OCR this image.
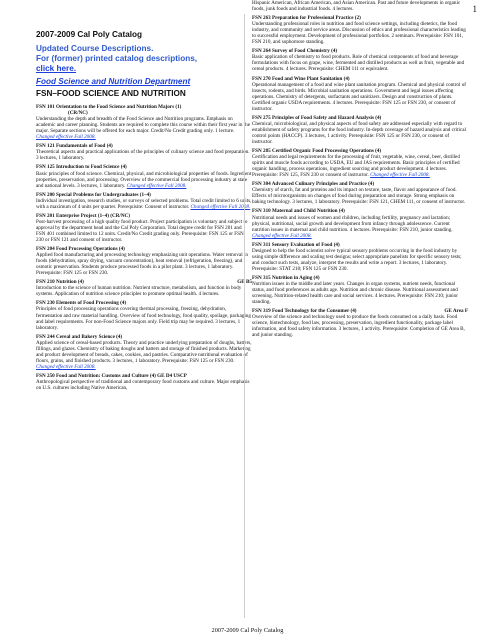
1
2007-2009 Cal Poly Catalog
Updated Course Descriptions.
For (former) printed catalog descriptions,
click here.
Food Science and Nutrition Department
FSN–FOOD SCIENCE AND NUTRITION
FSN 101 Orientation to the Food Science and Nutrition Majors (1)
(CR/NC)
Understanding the depth and breadth of the Food Science and Nutrition programs. Emphasis on academic and career planning. Students are required to complete this course within their first year in the major. Separate sections will be offered for each major. Credit/No Credit grading only. 1 lecture. Changed effective Fall 2008.
FSN 121 Fundamentals of Food (4)
Theoretical aspects and practical applications of the principles of culinary science and food preparation. 3 lectures, 1 laboratory.
FSN 125 Introduction to Food Science (4)
Basic principles of food science. Chemical, physical, and microbiological properties of foods. Ingredient properties, preservation, and processing. Overview of the commercial food processing industry at state and national levels. 3 lectures, 1 laboratory. Changed effective Fall 2008.
FSN 200 Special Problems for Undergraduates (1–4)
Individual investigation, research studies, or surveys of selected problems. Total credit limited to 6 units, with a maximum of 4 units per quarter. Prerequisite: Consent of instructor. Changed effective Fall 2008.
FSN 201 Enterprise Project (1–4) (CR/NC)
Post-harvest processing of a high quality food product. Project participation is voluntary and subject to approval by the department head and the Cal Poly Corporation. Total degree credit for FSN 201 and FSN 401 combined limited to 12 units. Credit/No Credit grading only. Prerequisite: FSN 125 or FSN 230 or FSN 121 and consent of instructor.
FSN 204 Food Processing Operations (4)
Applied food manufacturing and processing technology emphasizing unit operations. Water removal in foods (dehydration, spray drying, vacuum concentration), heat removal (refrigeration, freezing), and osmotic preservation. Students produce processed foods in a pilot plant. 3 lectures, 1 laboratory. Prerequisite: FSN 125 or FSN 230.
GE B5
FSN 210 Nutrition (4)
Introduction to the science of human nutrition. Nutrient structure, metabolism, and function in body systems. Application of nutrition science principles to promote optimal health. 4 lectures.
FSN 230 Elements of Food Processing (4)
Principles of food processing operations covering thermal processing, freezing, dehydration, fermentation and raw material handling. Overview of food technology, food quality, spoilage, packaging and label requirements. For non-Food Science majors only. Field trip may be required. 3 lectures, 1 laboratory.
FSN 244 Cereal and Bakery Science (4)
Applied science of cereal-based products. Theory and practice underlying preparation of doughs, batters, fillings, and glazes. Chemistry of baking doughs and batters and storage of finished products. Marketing and product development of breads, cakes, cookies, and pastries. Comparative nutritional evaluation of flours, grains, and finished products. 3 lectures, 1 laboratory. Prerequisite: FSN 125 or FSN 230. Changed effective Fall 2008.
FSN 250 Food and Nutrition: Customs and Culture (4) GE D4 USCP
Anthropological perspective of traditional and contemporary food customs and culture. Major emphasis on U.S. cultures including Native American,
Hispanic American, African American, and Asian American. Past and future developments in organic foods, junk foods and industrial foods. 4 lectures.
FSN 263 Preparation for Professional Practice (2)
Understanding professional roles in nutrition and food science settings, including dietetics, the food industry, and community and service areas. Discussion of ethics and professional characteristics leading to successful employment. Development of professional portfolios. 2 seminars. Prerequisite: FSN 101, FSN 210, and sophomore standing.
FSN 264 Survey of Food Chemistry (4)
Basic application of chemistry to food products. Role of chemical components of food and beverage formulations with focus on grape, wine, fermented and distilled products as well as fruit, vegetable and cereal products. 4 lectures. Prerequisite: CHEM 111 or equivalent.
FSN 270 Food and Wine Plant Sanitation (4)
Operational management of a food and wine plant sanitation program. Chemical and physical control of insects, rodents, and birds. Microbial sanitation operations. Government and legal issues affecting operations. Chemistry of detergents, surfactants and sanitizers. Design and construction of plants. Certified organic USDA requirements. 4 lectures. Prerequisite: FSN 125 or FSN 230, or consent of instructor.
FSN 275 Principles of Food Safety and Hazard Analysis (4)
Chemical, microbiological, and physical aspects of food safety are addressed especially with regard to establishment of safety programs for the food industry. In-depth coverage of hazard analysis and critical control points (HACCP). 3 lectures, 1 activity. Prerequisite: FSN 125 or FSN 230, or consent of instructor.
FSN 285 Certified Organic Food Processing Operations (4)
Certification and legal requirements for the processing of fruit, vegetable, wine, cereal, beer, distilled spirits and muscle foods according to USDA, EU and JAS requirements. Basic principles of certified organic handling, process operations, ingredient sourcing and product development. 4 lectures. Prerequisite: FSN 125, FSN 230 or consent of instructor. Changed effective Fall 2008.
FSN 304 Advanced Culinary Principles and Practice (4)
Chemistry of starch, fat and proteins and its impact on texture, taste, flavor and appearance of food. Effects of microorganisms on changes of food during preparation and storage. Strong emphasis on baking technology. 3 lectures, 1 laboratory. Prerequisite: FSN 121, CHEM 111, or consent of instructor.
FSN 310 Maternal and Child Nutrition (4)
Nutritional needs and issues of women and children, including fertility, pregnancy and lactation; physical, nutritional, social growth and development from infancy through adolescence. Current nutrition issues in maternal and child nutrition. 4 lectures. Prerequisite: FSN 210, junior standing. Changed effective Fall 2008.
FSN 311 Sensory Evaluation of Food (4)
Designed to help the food scientist solve typical sensory problems occurring in the food industry by using simple difference and scaling test designs; select appropriate panelists for specific sensory tests; and conduct such tests, analyze, interpret the results and write a report. 3 lectures, 1 laboratory. Prerequisite: STAT 218; FSN 125 or FSN 230.
FSN 315 Nutrition in Aging (4)
Nutrition issues in the middle and later years. Changes in organ systems, nutrient needs, functional status, and food preferences as adults age. Nutrition and chronic disease. Nutritional assessment and screening. Nutrition-related health care and social services. 4 lectures. Prerequisite: FSN 210; junior standing.
GE Area F
FSN 319 Food Technology for the Consumer (4)
Overview of the science and technology used to produce the foods consumed on a daily basis. Food science, biotechnology, food law, processing, preservation, ingredient functionality, package label information, and food safety information. 3 lectures, 1 activity. Prerequisite: Completion of GE Area B, and junior standing.
2007-2009 Cal Poly Catalog
